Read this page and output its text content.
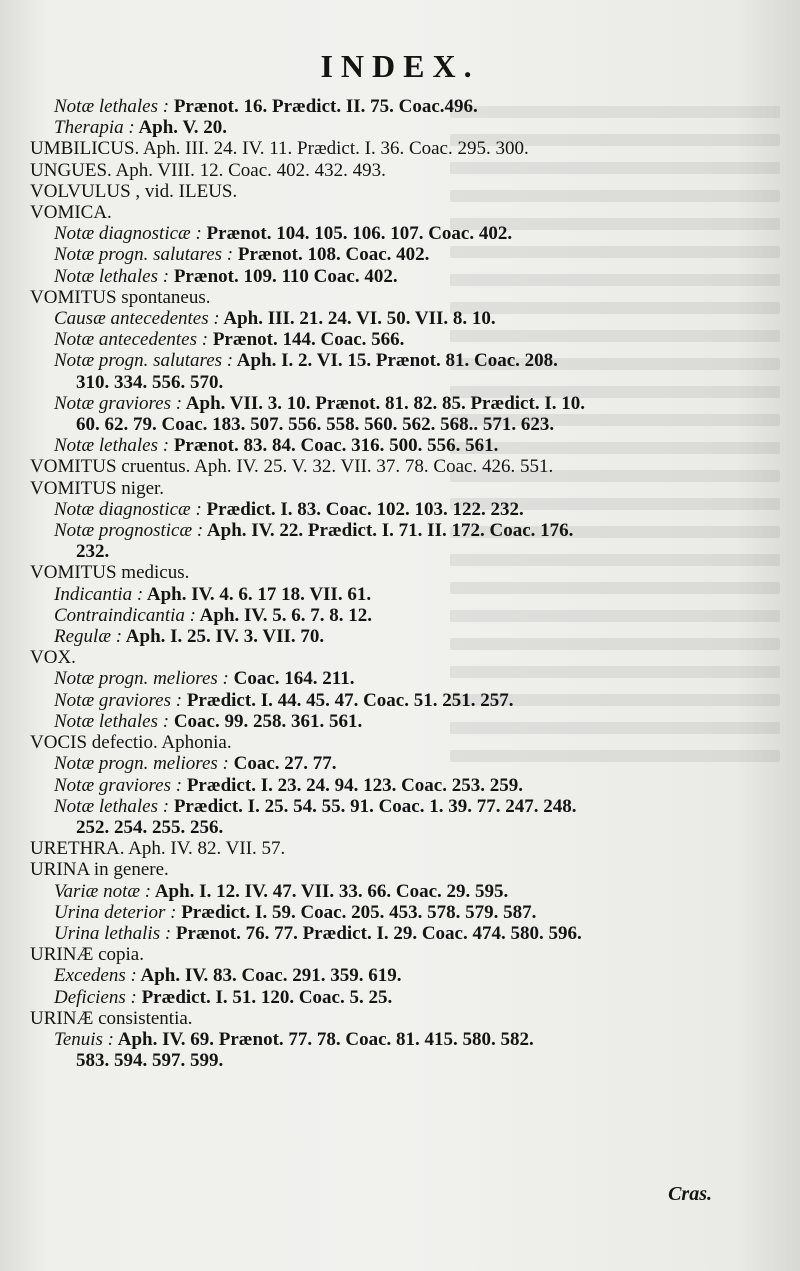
INDEX.
Notæ lethales : Prænot. 16. Prædict. II. 75. Coac.496.
Therapia : Aph. V. 20.
UMBILICUS. Aph. III. 24. IV. 11. Prædict. I. 36. Coac. 295. 300.
UNGUES. Aph. VIII. 12. Coac. 402. 432. 493.
VOLVULUS , vid. ILEUS.
VOMICA.
Notæ diagnosticæ : Prænot. 104. 105. 106. 107. Coac. 402.
Notæ progn. salutares : Prænot. 108. Coac. 402.
Notæ lethales : Prænot. 109. 110 Coac. 402.
VOMITUS spontaneus.
Causæ antecedentes : Aph. III. 21. 24. VI. 50. VII. 8. 10.
Notæ antecedentes : Prænot. 144. Coac. 566.
Notæ progn. salutares : Aph. I. 2. VI. 15. Prænot. 81. Coac. 208.
310. 334. 556. 570.
Notæ graviores : Aph. VII. 3. 10. Prænot. 81. 82. 85. Prædict. I. 10.
60. 62. 79. Coac. 183. 507. 556. 558. 560. 562. 568.. 571. 623.
Notæ lethales : Prænot. 83. 84. Coac. 316. 500. 556. 561.
VOMITUS cruentus. Aph. IV. 25. V. 32. VII. 37. 78. Coac. 426. 551.
VOMITUS niger.
Notæ diagnosticæ : Prædict. I. 83. Coac. 102. 103. 122. 232.
Notæ prognosticæ : Aph. IV. 22. Prædict. I. 71. II. 172. Coac. 176.
232.
VOMITUS medicus.
Indicantia : Aph. IV. 4. 6. 17 18. VII. 61.
Contraindicantia : Aph. IV. 5. 6. 7. 8. 12.
Regulæ : Aph. I. 25. IV. 3. VII. 70.
VOX.
Notæ progn. meliores : Coac. 164. 211.
Notæ graviores : Prædict. I. 44. 45. 47. Coac. 51. 251. 257.
Notæ lethales : Coac. 99. 258. 361. 561.
VOCIS defectio. Aphonia.
Notæ progn. meliores : Coac. 27. 77.
Notæ graviores : Prædict. I. 23. 24. 94. 123. Coac. 253. 259.
Notæ lethales : Prædict. I. 25. 54. 55. 91. Coac. 1. 39. 77. 247. 248.
252. 254. 255. 256.
URETHRA. Aph. IV. 82. VII. 57.
URINA in genere.
Variæ notæ : Aph. I. 12. IV. 47. VII. 33. 66. Coac. 29. 595.
Urina deterior : Prædict. I. 59. Coac. 205. 453. 578. 579. 587.
Urina lethalis : Prænot. 76. 77. Prædict. I. 29. Coac. 474. 580. 596.
URINÆ copia.
Excedens : Aph. IV. 83. Coac. 291. 359. 619.
Deficiens : Prædict. I. 51. 120. Coac. 5. 25.
URINÆ consistentia.
Tenuis : Aph. IV. 69. Prænot. 77. 78. Coac. 81. 415. 580. 582.
583. 594. 597. 599.
Cras.
